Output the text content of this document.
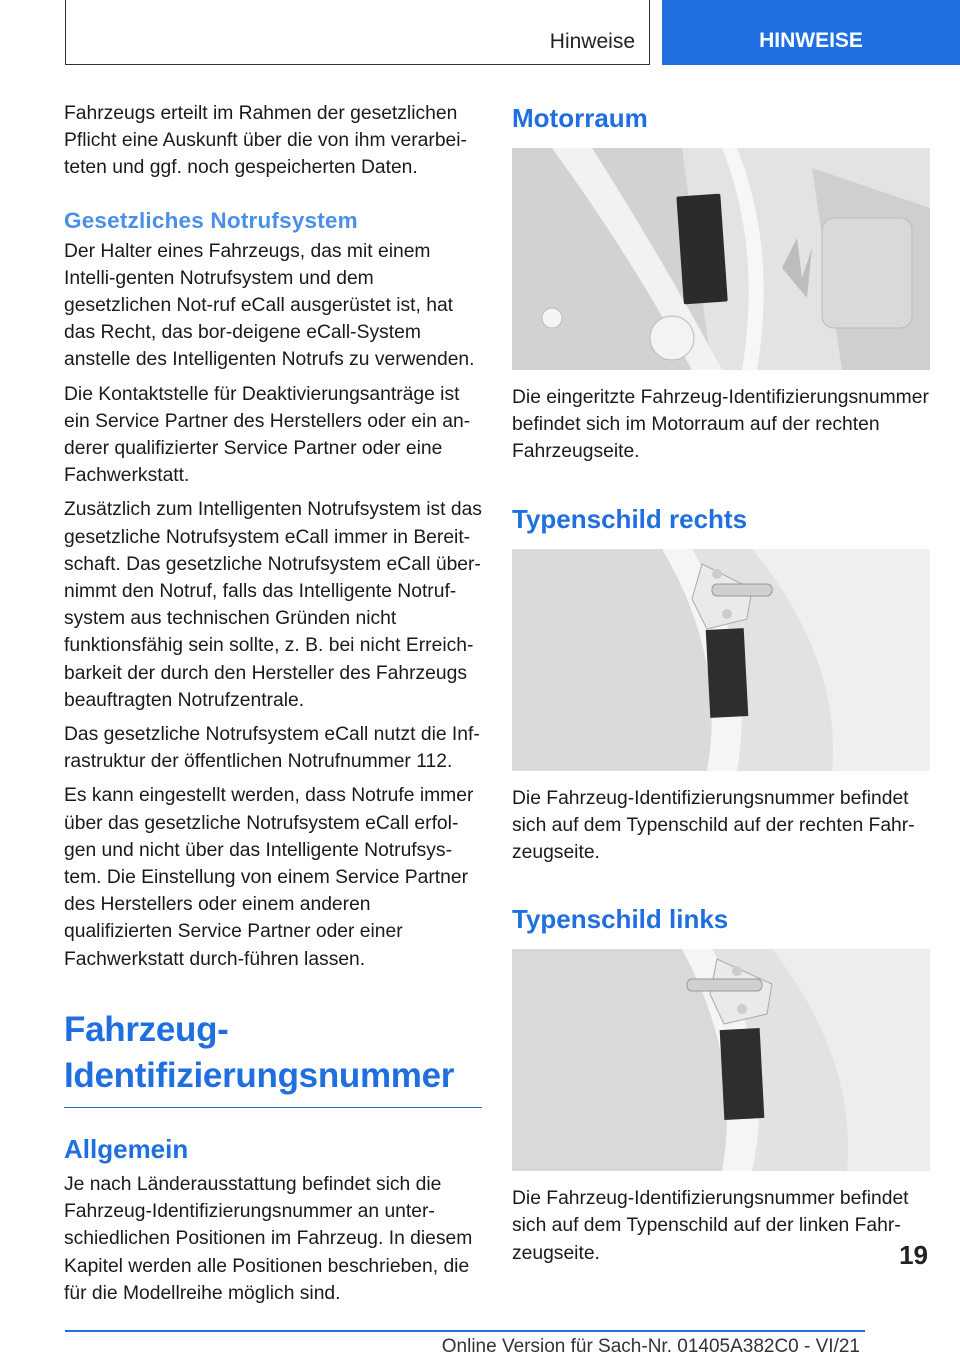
Hinweise	HINWEISE

Fahrzeugs erteilt im Rahmen der gesetzlichen Pflicht eine Auskunft über die von ihm verarbei-teten und ggf. noch gespeicherten Daten.

Gesetzliches Notrufsystem

Der Halter eines Fahrzeugs, das mit einem Intelli-genten Notrufsystem und dem gesetzlichen Not-ruf eCall ausgerüstet ist, hat das Recht, das bor-deigene eCall-System anstelle des Intelligenten Notrufs zu verwenden.

Die Kontaktstelle für Deaktivierungsanträge ist ein Service Partner des Herstellers oder ein an-derer qualifizierter Service Partner oder eine Fachwerkstatt.

Zusätzlich zum Intelligenten Notrufsystem ist das gesetzliche Notrufsystem eCall immer in Bereit-schaft. Das gesetzliche Notrufsystem eCall über-nimmt den Notruf, falls das Intelligente Notruf-system aus technischen Gründen nicht funktionsfähig sein sollte, z. B. bei nicht Erreich-barkeit der durch den Hersteller des Fahrzeugs beauftragten Notrufzentrale.

Das gesetzliche Notrufsystem eCall nutzt die Inf-rastruktur der öffentlichen Notrufnummer 112.

Es kann eingestellt werden, dass Notrufe immer über das gesetzliche Notrufsystem eCall erfol-gen und nicht über das Intelligente Notrufsys-tem. Die Einstellung von einem Service Partner des Herstellers oder einem anderen qualifizierten Service Partner oder einer Fachwerkstatt durch-führen lassen.

Fahrzeug-
Identifizierungsnummer
Allgemein

Je nach Länderausstattung befindet sich die Fahrzeug-Identifizierungsnummer an unter-schiedlichen Positionen im Fahrzeug. In diesem Kapitel werden alle Positionen beschrieben, die für die Modellreihe möglich sind.

Motorraum

Die eingeritzte Fahrzeug-Identifizierungsnummer befindet sich im Motorraum auf der rechten Fahrzeugseite.

Typenschild rechts

Die Fahrzeug-Identifizierungsnummer befindet sich auf dem Typenschild auf der rechten Fahr-zeugseite.

Typenschild links

Die Fahrzeug-Identifizierungsnummer befindet sich auf dem Typenschild auf der linken Fahr-zeugseite.	19
Online Version für Sach-Nr. 01405A382C0 - VI/21
